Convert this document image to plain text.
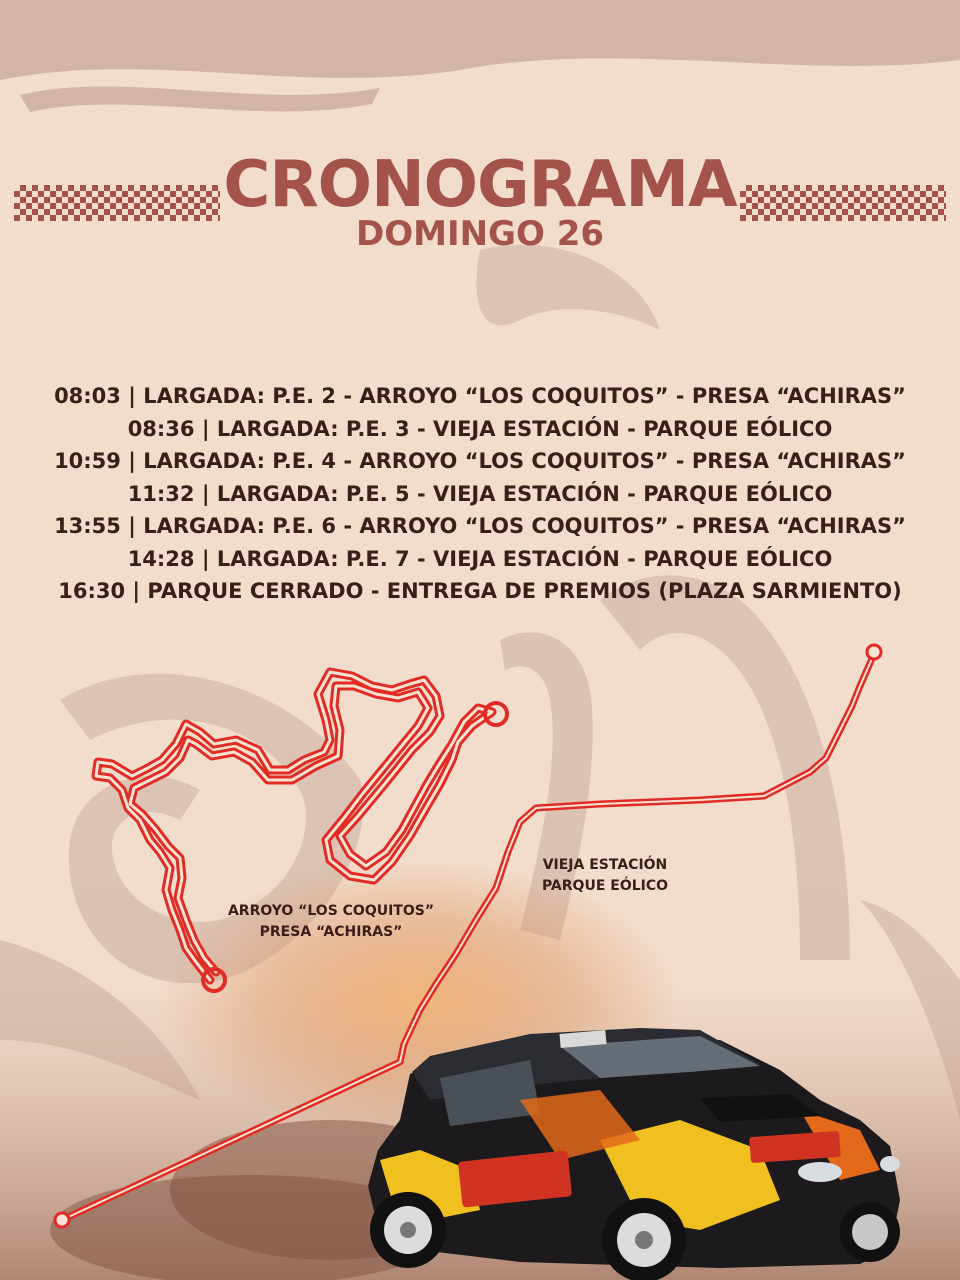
CRONOGRAMA
DOMINGO 26
08:03 | LARGADA: P.E. 2 - ARROYO “LOS COQUITOS” - PRESA “ACHIRAS”
08:36 | LARGADA: P.E. 3 - VIEJA ESTACIÓN - PARQUE EÓLICO
10:59 | LARGADA: P.E. 4 - ARROYO “LOS COQUITOS” - PRESA “ACHIRAS”
11:32 | LARGADA: P.E. 5 - VIEJA ESTACIÓN - PARQUE EÓLICO
13:55 | LARGADA: P.E. 6 - ARROYO “LOS COQUITOS” - PRESA “ACHIRAS”
14:28 | LARGADA: P.E. 7 - VIEJA ESTACIÓN - PARQUE EÓLICO
16:30 | PARQUE CERRADO - ENTREGA DE PREMIOS (PLAZA SARMIENTO)
ARROYO “LOS COQUITOS”
PRESA “ACHIRAS”
VIEJA ESTACIÓN
PARQUE EÓLICO
